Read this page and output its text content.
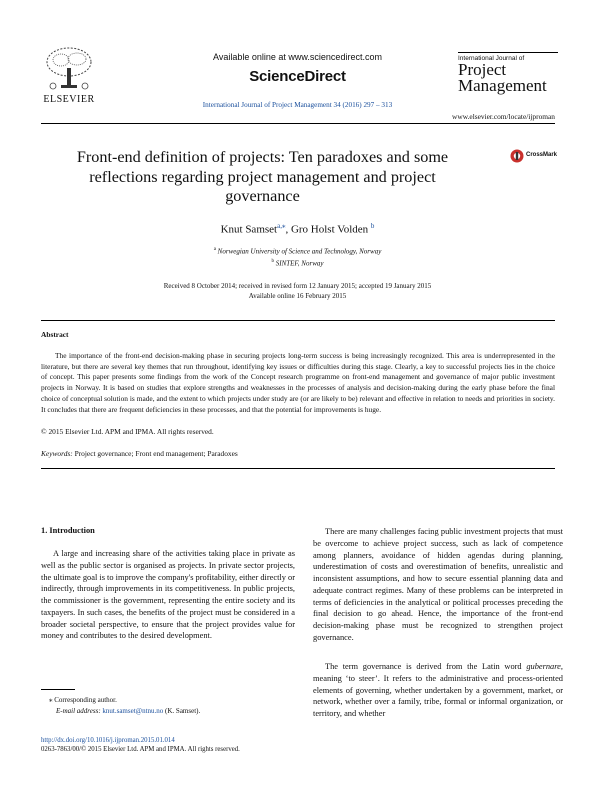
ELSEVIER
Available online at www.sciencedirect.com
ScienceDirect
International Journal of Project Management 34 (2016) 297 – 313
International Journal of
Project
Management
www.elsevier.com/locate/ijproman
Front-end definition of projects: Ten paradoxes and some reflections regarding project management and project governance
CrossMark
Knut Samset$^{a,⁎}$, Gro Holst Volden $^b$
$^a$ Norwegian University of Science and Technology, Norway
$^b$ SINTEF, Norway
Received 8 October 2014; received in revised form 12 January 2015; accepted 19 January 2015
Available online 16 February 2015
Abstract
The importance of the front-end decision-making phase in securing projects long-term success is being increasingly recognized. This area is underrepresented in the literature, but there are several key themes that run throughout, identifying key issues or difficulties during this stage. Clearly, a key to successful projects lies in the choice of concept. This paper presents some findings from the work of the Concept research programme on front-end management and governance of major public investment projects in Norway. It is based on studies that explore strengths and weaknesses in the processes of analysis and decision-making during the early phase before the final choice of conceptual solution is made, and the extent to which projects under study are (or are likely to be) relevant and effective in relation to needs and priorities in society. It concludes that there are frequent deficiencies in these processes, and that the potential for improvements is huge.
© 2015 Elsevier Ltd. APM and IPMA. All rights reserved.
Keywords: Project governance; Front end management; Paradoxes
1. Introduction
A large and increasing share of the activities taking place in private as well as the public sector is organised as projects. In private sector projects, the ultimate goal is to improve the company's profitability, either directly or indirectly, through improvements in its competitiveness. In public projects, the commissioner is the government, representing the entire society and its taxpayers. In such cases, the benefits of the project must be considered in a broader societal perspective, to ensure that the project provides value for money and contributes to the desired development.
⁎ Corresponding author.
E-mail address: knut.samset@ntnu.no (K. Samset).
http://dx.doi.org/10.1016/j.ijproman.2015.01.014
0263-7863/00/© 2015 Elsevier Ltd. APM and IPMA. All rights reserved.
There are many challenges facing public investment projects that must be overcome to achieve project success, such as lack of competence among planners, avoidance of hidden agendas during planning, underestimation of costs and overestimation of benefits, unrealistic and inconsistent assumptions, and how to secure essential planning data and adequate contract regimes. Many of these problems can be interpreted in terms of deficiencies in the analytical or political processes preceding the final decision to go ahead. Hence, the importance of the front-end decision-making phase must be recognized to strengthen project governance.
The term governance is derived from the Latin word gubernare, meaning ‘to steer’. It refers to the administrative and process-oriented elements of governing, whether undertaken by a government, market, or network, whether over a family, tribe, formal or informal organization, or territory, and whether
